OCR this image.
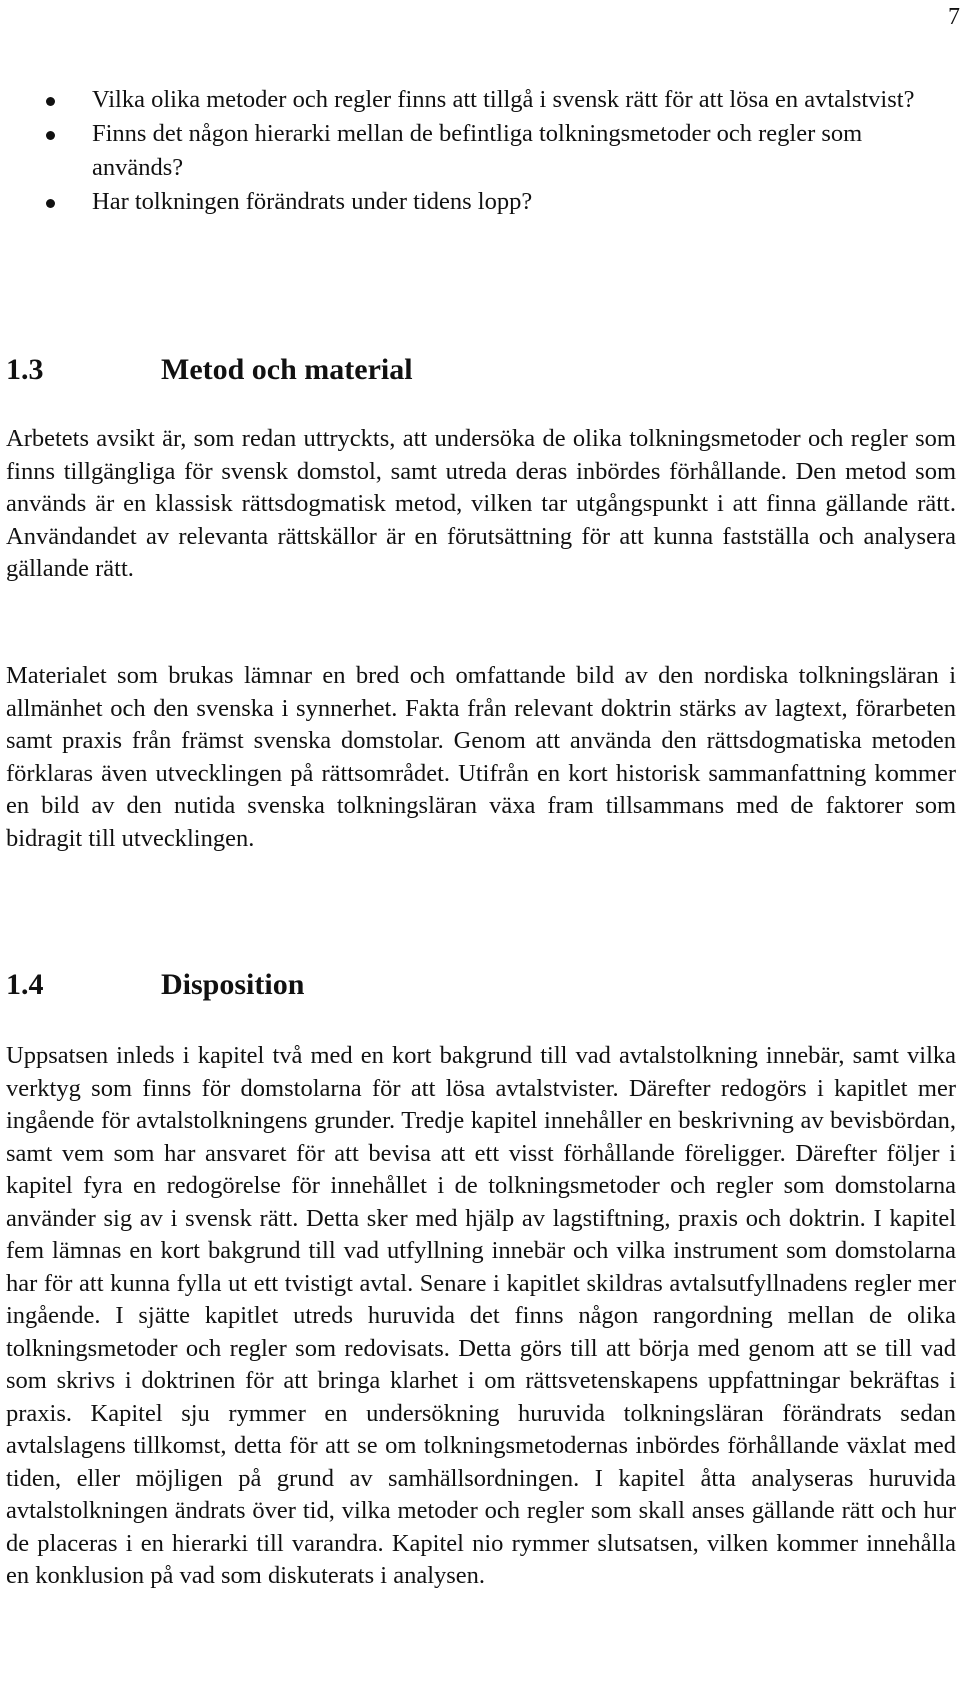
7
Vilka olika metoder och regler finns att tillgå i svensk rätt för att lösa en avtalstvist?
Finns det någon hierarki mellan de befintliga tolkningsmetoder och regler som används?
Har tolkningen förändrats under tidens lopp?
1.3	Metod och material

Arbetets avsikt är, som redan uttryckts, att undersöka de olika tolkningsmetoder och regler som finns tillgängliga för svensk domstol, samt utreda deras inbördes förhållande. Den metod som används är en klassisk rättsdogmatisk metod, vilken tar utgångspunkt i att finna gällande rätt. Användandet av relevanta rättskällor är en förutsättning för att kunna fastställa och analysera gällande rätt.

Materialet som brukas lämnar en bred och omfattande bild av den nordiska tolkningsläran i allmänhet och den svenska i synnerhet. Fakta från relevant doktrin stärks av lagtext, förarbeten samt praxis från främst svenska domstolar. Genom att använda den rättsdogmatiska metoden förklaras även utvecklingen på rättsområdet. Utifrån en kort historisk sammanfattning kommer en bild av den nutida svenska tolkningsläran växa fram tillsammans med de faktorer som bidragit till utvecklingen.

1.4	Disposition

Uppsatsen inleds i kapitel två med en kort bakgrund till vad avtalstolkning innebär, samt vilka verktyg som finns för domstolarna för att lösa avtalstvister. Därefter redogörs i kapitlet mer ingående för avtalstolkningens grunder. Tredje kapitel innehåller en beskrivning av bevisbördan, samt vem som har ansvaret för att bevisa att ett visst förhållande föreligger. Därefter följer i kapitel fyra en redogörelse för innehållet i de tolkningsmetoder och regler som domstolarna använder sig av i svensk rätt. Detta sker med hjälp av lagstiftning, praxis och doktrin. I kapitel fem lämnas en kort bakgrund till vad utfyllning innebär och vilka instrument som domstolarna har för att kunna fylla ut ett tvistigt avtal. Senare i kapitlet skildras avtalsutfyllnadens regler mer ingående. I sjätte kapitlet utreds huruvida det finns någon rangordning mellan de olika tolkningsmetoder och regler som redovisats. Detta görs till att börja med genom att se till vad som skrivs i doktrinen för att bringa klarhet i om rättsvetenskapens uppfattningar bekräftas i praxis. Kapitel sju rymmer en undersökning huruvida tolkningsläran förändrats sedan avtalslagens tillkomst, detta för att se om tolkningsmetodernas inbördes förhållande växlat med tiden, eller möjligen på grund av samhällsordningen. I kapitel åtta analyseras huruvida avtalstolkningen ändrats över tid, vilka metoder och regler som skall anses gällande rätt och hur de placeras i en hierarki till varandra. Kapitel nio rymmer slutsatsen, vilken kommer innehålla en konklusion på vad som diskuterats i analysen.
